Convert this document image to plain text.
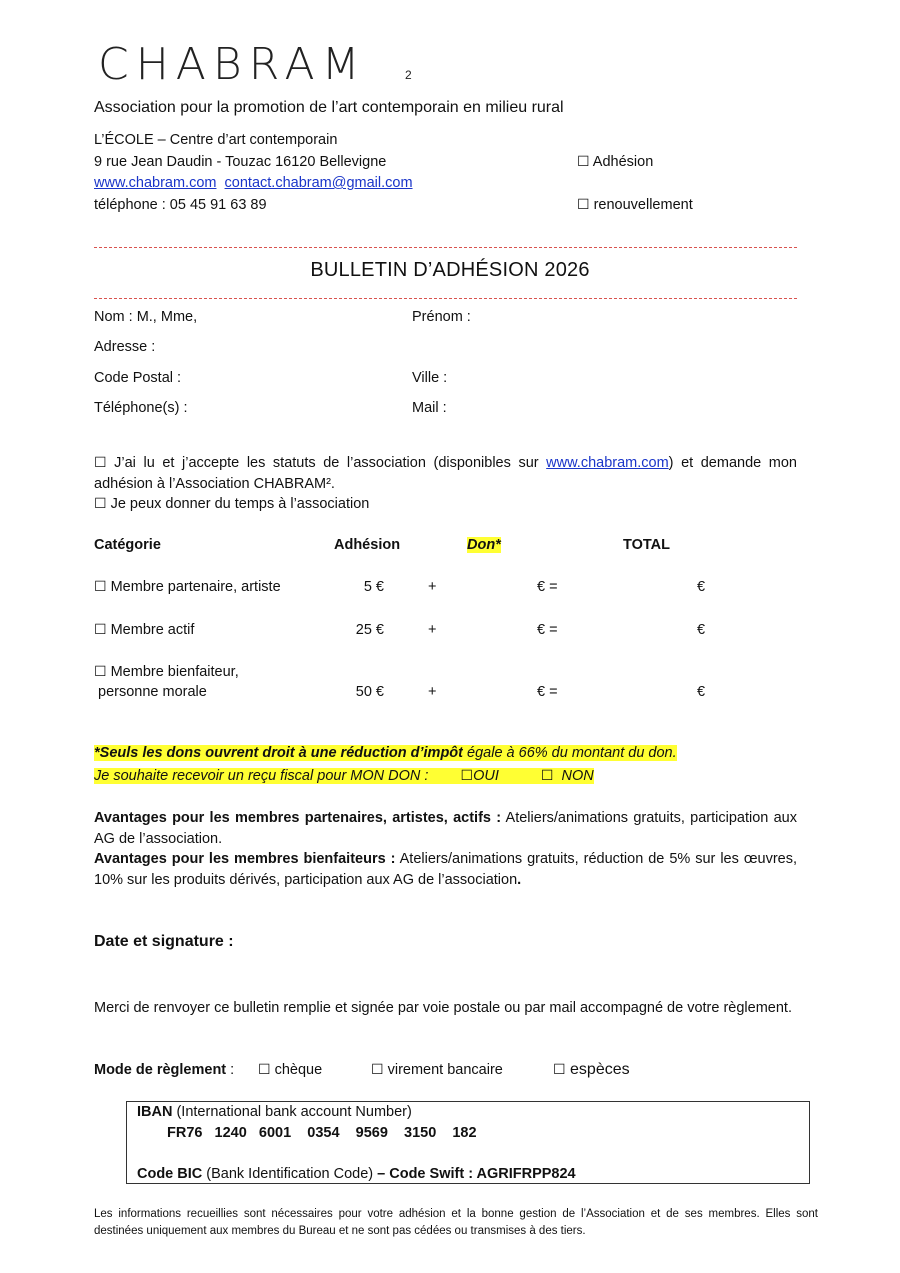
CHABRAM	2
Association pour la promotion de l’art contemporain en milieu rural
L’ÉCOLE – Centre d’art contemporain
9 rue Jean Daudin - Touzac 16120 Bellevigne
www.chabram.com contact.chabram@gmail.com
téléphone : 05 45 91 63 89
☐ Adhésion
☐ renouvellement
BULLETIN D’ADHÉSION 2026
Nom : M., Mme,	Prénom :
Adresse :
Code Postal :	Ville :
Téléphone(s) :	Mail :
☐ J’ai lu et j’accepte les statuts de l’association (disponibles sur www.chabram.com) et demande mon adhésion à l’Association CHABRAM².
☐ Je peux donner du temps à l’association
Catégorie	Adhésion	Don*	TOTAL
☐ Membre partenaire, artiste	5 €	+	€ =	€
☐ Membre actif	25 €	+	€ =	€
☐ Membre bienfaiteur,
personne morale	50 €	+	€ =	€
*Seuls les dons ouvrent droit à une réduction d’impôt égale à 66% du montant du don.
Je souhaite recevoir un reçu fiscal pour MON DON : ☐OUI	☐ NON
Avantages pour les membres partenaires, artistes, actifs : Ateliers/animations gratuits, participation aux AG de l’association.
Avantages pour les membres bienfaiteurs : Ateliers/animations gratuits, réduction de 5% sur les œuvres, 10% sur les produits dérivés, participation aux AG de l’association.
Date et signature :
Merci de renvoyer ce bulletin remplie et signée par voie postale ou par mail accompagné de votre règlement.
Mode de règlement : ☐ chèque	☐ virement bancaire	☐ espèces
IBAN (International bank account Number)
FR76   1240   6001    0354    9569    3150    182
Code BIC (Bank Identification Code) – Code Swift : AGRIFRPP824
Les informations recueillies sont nécessaires pour votre adhésion et la bonne gestion de l’Association et de ses membres. Elles sont destinées uniquement aux membres du Bureau et ne sont pas cédées ou transmises à des tiers.
